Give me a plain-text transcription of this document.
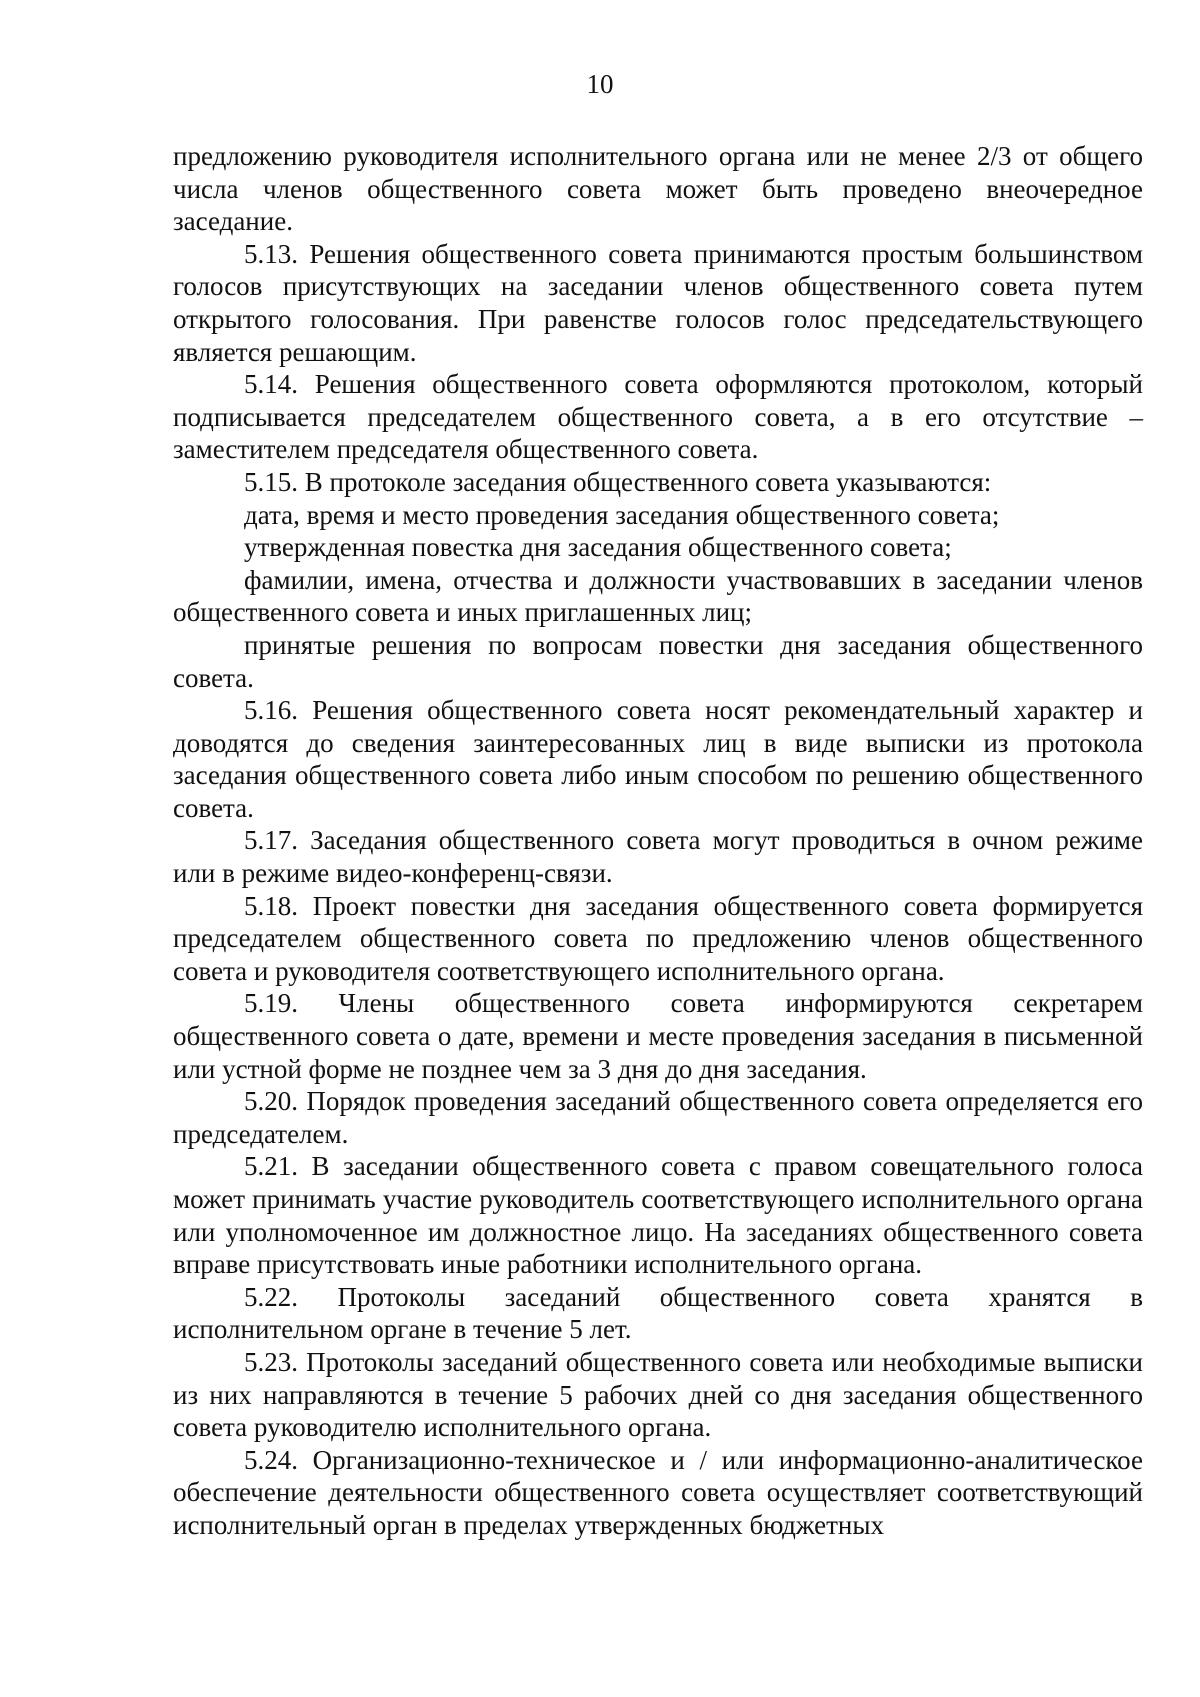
10

предложению руководителя исполнительного органа или не менее 2/3 от общего числа членов общественного совета может быть проведено внеочередное заседание.

5.13. Решения общественного совета принимаются простым большинством голосов присутствующих на заседании членов общественного совета путем открытого голосования. При равенстве голосов голос председательствующего является решающим.

5.14. Решения общественного совета оформляются протоколом, который подписывается председателем общественного совета, а в его отсутствие – заместителем председателя общественного совета.

5.15. В протоколе заседания общественного совета указываются:

дата, время и место проведения заседания общественного совета;

утвержденная повестка дня заседания общественного совета;

фамилии, имена, отчества и должности участвовавших в заседании членов общественного совета и иных приглашенных лиц;

принятые решения по вопросам повестки дня заседания общественного совета.

5.16. Решения общественного совета носят рекомендательный характер и доводятся до сведения заинтересованных лиц в виде выписки из протокола заседания общественного совета либо иным способом по решению общественного совета.

5.17. Заседания общественного совета могут проводиться в очном режиме или в режиме видео-конференц-связи.

5.18. Проект повестки дня заседания общественного совета формируется председателем общественного совета по предложению членов общественного совета и руководителя соответствующего исполнительного органа.

5.19. Члены общественного совета информируются секретарем общественного совета о дате, времени и месте проведения заседания в письменной или устной форме не позднее чем за 3 дня до дня заседания.

5.20. Порядок проведения заседаний общественного совета определяется его председателем.

5.21. В заседании общественного совета с правом совещательного голоса может принимать участие руководитель соответствующего исполнительного органа или уполномоченное им должностное лицо. На заседаниях общественного совета вправе присутствовать иные работники исполнительного органа.

5.22. Протоколы заседаний общественного совета хранятся в исполнительном органе в течение 5 лет.

5.23. Протоколы заседаний общественного совета или необходимые выписки из них направляются в течение 5 рабочих дней со дня заседания общественного совета руководителю исполнительного органа.

5.24. Организационно-техническое и / или информационно-аналитическое обеспечение деятельности общественного совета осуществляет соответствующий исполнительный орган в пределах утвержденных бюджетных
